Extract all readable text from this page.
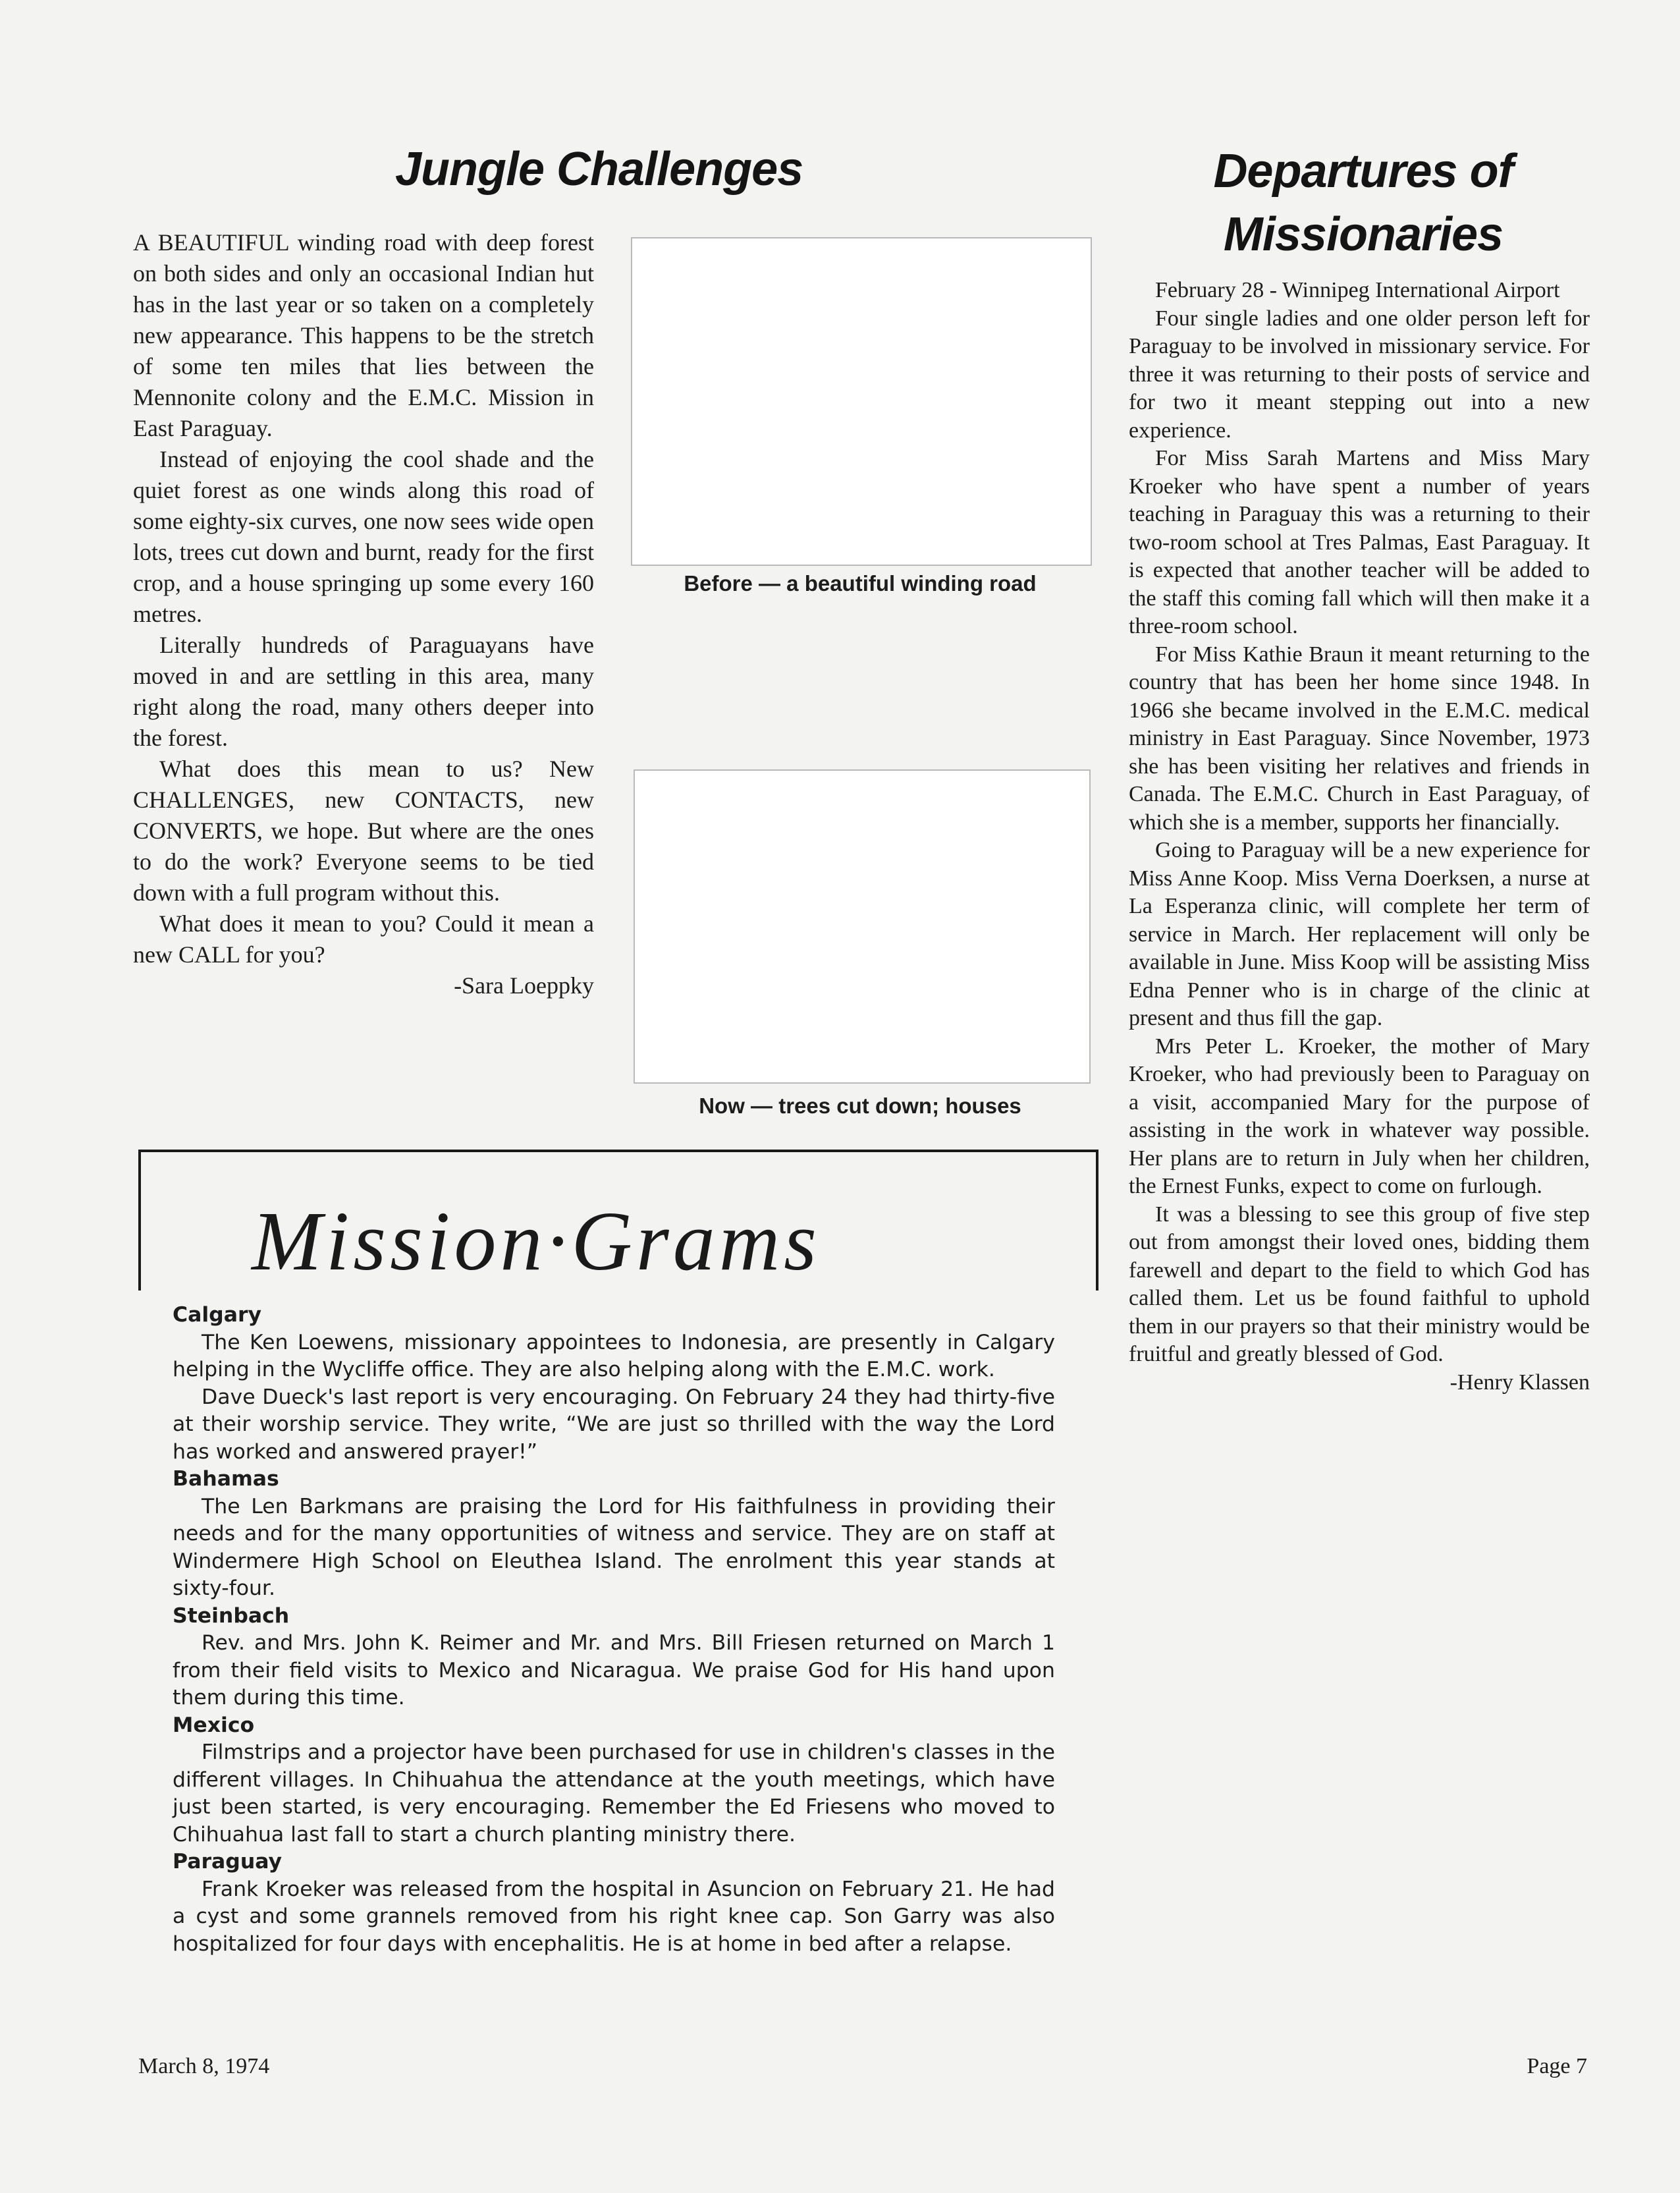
Jungle Challenges

A BEAUTIFUL winding road with deep forest on both sides and only an occasional Indian hut has in the last year or so taken on a completely new appearance. This happens to be the stretch of some ten miles that lies between the Mennonite colony and the E.M.C. Mission in East Paraguay.

Instead of enjoying the cool shade and the quiet forest as one winds along this road of some eighty-six curves, one now sees wide open lots, trees cut down and burnt, ready for the first crop, and a house springing up some every 160 metres.

Literally hundreds of Paraguayans have moved in and are settling in this area, many right along the road, many others deeper into the forest.

What does this mean to us? New CHALLENGES, new CONTACTS, new CONVERTS, we hope. But where are the ones to do the work? Everyone seems to be tied down with a full program without this.

What does it mean to you? Could it mean a new CALL for you?

-Sara Loeppky
Before — a beautiful winding road
Now — trees cut down; houses
Departures of
Missionaries

February 28 - Winnipeg International Airport

Four single ladies and one older person left for Paraguay to be involved in missionary service. For three it was returning to their posts of service and for two it meant stepping out into a new experience.

For Miss Sarah Martens and Miss Mary Kroeker who have spent a number of years teaching in Paraguay this was a returning to their two-room school at Tres Palmas, East Paraguay. It is expected that another teacher will be added to the staff this coming fall which will then make it a three-room school.

For Miss Kathie Braun it meant returning to the country that has been her home since 1948. In 1966 she became involved in the E.M.C. medical ministry in East Paraguay. Since November, 1973 she has been visiting her relatives and friends in Canada. The E.M.C. Church in East Paraguay, of which she is a member, supports her financially.

Going to Paraguay will be a new experience for Miss Anne Koop. Miss Verna Doerksen, a nurse at La Esperanza clinic, will complete her term of service in March. Her replacement will only be available in June. Miss Koop will be assisting Miss Edna Penner who is in charge of the clinic at present and thus fill the gap.

Mrs Peter L. Kroeker, the mother of Mary Kroeker, who had previously been to Paraguay on a visit, accompanied Mary for the purpose of assisting in the work in whatever way possible. Her plans are to return in July when her children, the Ernest Funks, expect to come on furlough.

It was a blessing to see this group of five step out from amongst their loved ones, bidding them farewell and depart to the field to which God has called them. Let us be found faithful to uphold them in our prayers so that their ministry would be fruitful and greatly blessed of God.

-Henry Klassen
Mission·Grams
Calgary

The Ken Loewens, missionary appointees to Indonesia, are presently in Calgary helping in the Wycliffe office. They are also helping along with the E.M.C. work.

Dave Dueck's last report is very encouraging. On February 24 they had thirty-five at their worship service. They write, “We are just so thrilled with the way the Lord has worked and answered prayer!”

Bahamas

The Len Barkmans are praising the Lord for His faithfulness in providing their needs and for the many opportunities of witness and service. They are on staff at Windermere High School on Eleuthea Island. The enrolment this year stands at sixty-four.

Steinbach

Rev. and Mrs. John K. Reimer and Mr. and Mrs. Bill Friesen returned on March 1 from their field visits to Mexico and Nicaragua. We praise God for His hand upon them during this time.

Mexico

Filmstrips and a projector have been purchased for use in children's classes in the different villages. In Chihuahua the attendance at the youth meetings, which have just been started, is very encouraging. Remember the Ed Friesens who moved to Chihuahua last fall to start a church planting ministry there.

Paraguay

Frank Kroeker was released from the hospital in Asuncion on February 21. He had a cyst and some grannels removed from his right knee cap. Son Garry was also hospitalized for four days with encephalitis. He is at home in bed after a relapse.

March 8, 1974	Page 7
